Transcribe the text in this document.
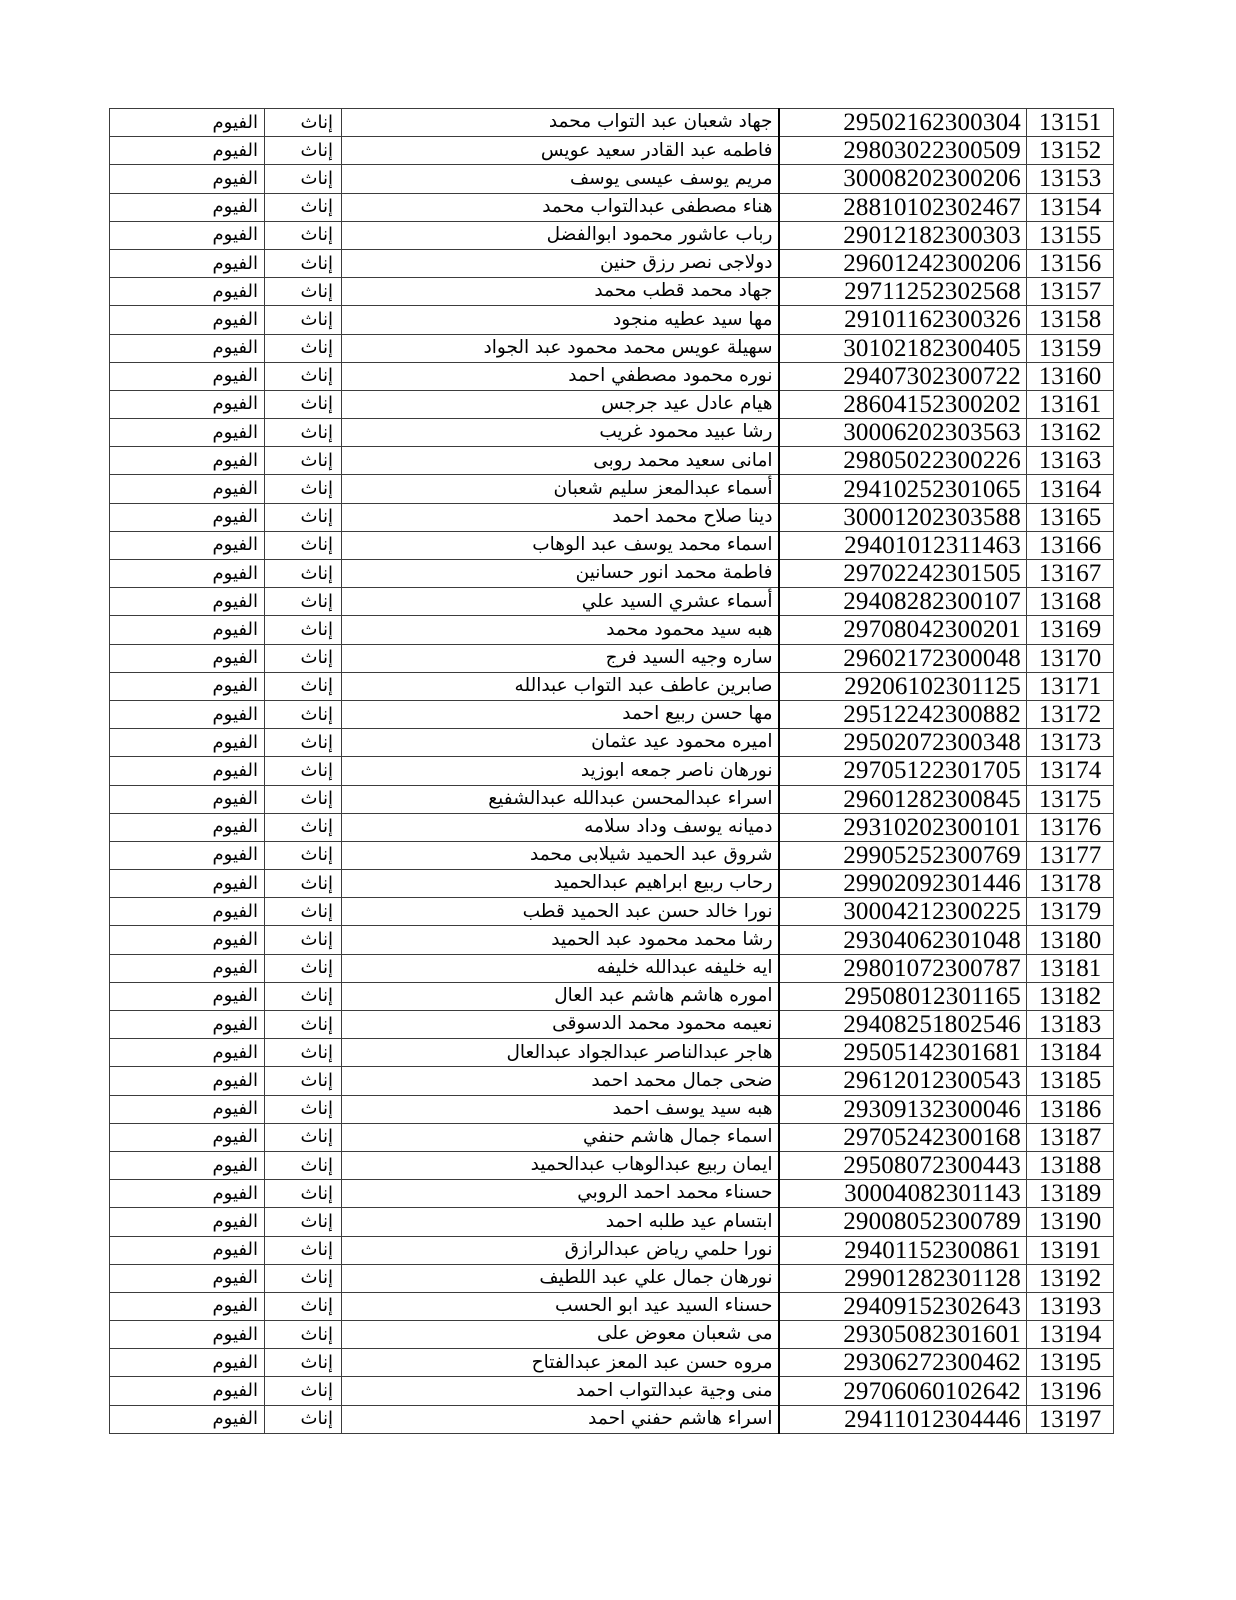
الفيوم	إناث	جهاد شعبان عبد التواب محمد	29502162300304	13151
الفيوم	إناث	فاطمه عبد القادر سعيد عويس	29803022300509	13152
الفيوم	إناث	مريم يوسف عيسى يوسف	30008202300206	13153
الفيوم	إناث	هناء مصطفى عبدالتواب محمد	28810102302467	13154
الفيوم	إناث	رباب عاشور محمود ابوالفضل	29012182300303	13155
الفيوم	إناث	دولاجى نصر رزق حنين	29601242300206	13156
الفيوم	إناث	جهاد محمد قطب محمد	29711252302568	13157
الفيوم	إناث	مها سيد عطيه منجود	29101162300326	13158
الفيوم	إناث	سهيلة عويس محمد محمود عبد الجواد	30102182300405	13159
الفيوم	إناث	نوره محمود مصطفي احمد	29407302300722	13160
الفيوم	إناث	هيام عادل عيد جرجس	28604152300202	13161
الفيوم	إناث	رشا عبيد محمود غريب	30006202303563	13162
الفيوم	إناث	امانى سعيد محمد روبى	29805022300226	13163
الفيوم	إناث	أسماء عبدالمعز سليم شعبان	29410252301065	13164
الفيوم	إناث	دينا صلاح محمد احمد	30001202303588	13165
الفيوم	إناث	اسماء محمد يوسف عبد الوهاب	29401012311463	13166
الفيوم	إناث	فاطمة محمد انور حسانين	29702242301505	13167
الفيوم	إناث	أسماء عشري السيد علي	29408282300107	13168
الفيوم	إناث	هبه سيد محمود محمد	29708042300201	13169
الفيوم	إناث	ساره وجيه السيد فرج	29602172300048	13170
الفيوم	إناث	صابرين عاطف عبد التواب عبدالله	29206102301125	13171
الفيوم	إناث	مها حسن ربيع احمد	29512242300882	13172
الفيوم	إناث	اميره محمود عيد عثمان	29502072300348	13173
الفيوم	إناث	نورهان ناصر جمعه ابوزيد	29705122301705	13174
الفيوم	إناث	اسراء عبدالمحسن عبدالله عبدالشفيع	29601282300845	13175
الفيوم	إناث	دميانه يوسف وداد سلامه	29310202300101	13176
الفيوم	إناث	شروق عبد الحميد شيلابى محمد	29905252300769	13177
الفيوم	إناث	رحاب ربيع ابراهيم عبدالحميد	29902092301446	13178
الفيوم	إناث	نورا خالد حسن عبد الحميد قطب	30004212300225	13179
الفيوم	إناث	رشا محمد محمود عبد الحميد	29304062301048	13180
الفيوم	إناث	ايه خليفه عبدالله خليفه	29801072300787	13181
الفيوم	إناث	اموره هاشم هاشم عبد العال	29508012301165	13182
الفيوم	إناث	نعيمه محمود محمد الدسوقى	29408251802546	13183
الفيوم	إناث	هاجر عبدالناصر عبدالجواد عبدالعال	29505142301681	13184
الفيوم	إناث	ضحى جمال محمد احمد	29612012300543	13185
الفيوم	إناث	هبه سيد يوسف احمد	29309132300046	13186
الفيوم	إناث	اسماء جمال هاشم حنفي	29705242300168	13187
الفيوم	إناث	ايمان ربيع عبدالوهاب عبدالحميد	29508072300443	13188
الفيوم	إناث	حسناء محمد احمد الروبي	30004082301143	13189
الفيوم	إناث	ابتسام عيد طلبه احمد	29008052300789	13190
الفيوم	إناث	نورا حلمي رياض عبدالرازق	29401152300861	13191
الفيوم	إناث	نورهان جمال علي عبد اللطيف	29901282301128	13192
الفيوم	إناث	حسناء السيد عيد ابو الحسب	29409152302643	13193
الفيوم	إناث	مى شعبان معوض على	29305082301601	13194
الفيوم	إناث	مروه حسن عبد المعز عبدالفتاح	29306272300462	13195
الفيوم	إناث	منى وجية عبدالتواب احمد	29706060102642	13196
الفيوم	إناث	اسراء هاشم حفني احمد	29411012304446	13197
